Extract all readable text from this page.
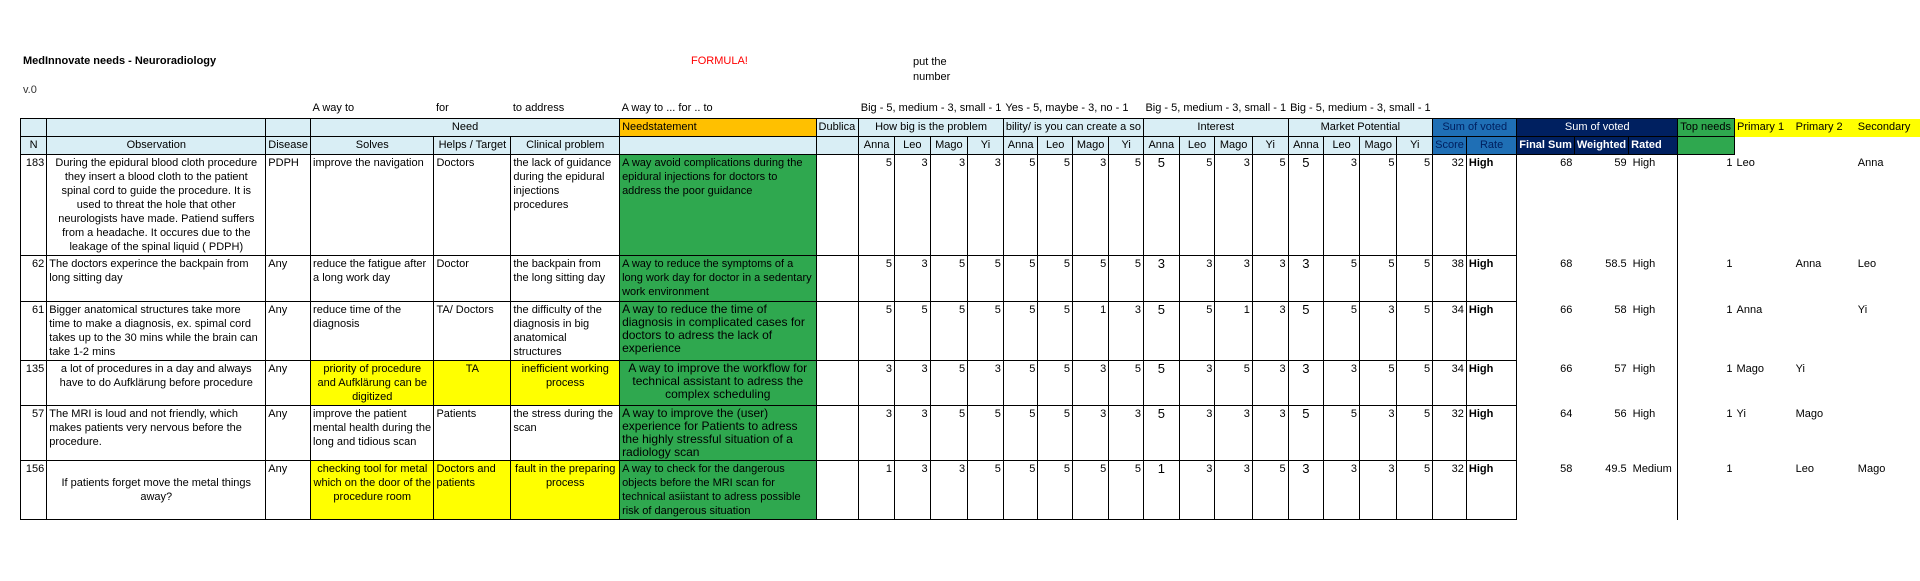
MedInnovate needs - Neuroradiology
v.0
FORMULA!	put the number
			A way to	for	to address	A way to ... for .. to		Big - 5, medium - 3, small - 1				Yes - 5, maybe - 3, no - 1				Big - 5, medium - 3, small - 1				Big - 5, medium - 3, small - 1												
			Need			Needstatement	Dublica	How big is the problem				bility/ is you can create a so				Interest				Market Potential				Sum of voted		Sum of voted			Top needs	Primary 1	Primary 2	Secondary
N	Observation	Disease	Solves	Helps / Target	Clinical problem			Anna	Leo	Mago	Yi	Anna	Leo	Mago	Yi	Anna	Leo	Mago	Yi	Anna	Leo	Mago	Yi	Score	Rate	Final Sum	Weighted	Rated				
183	During the epidural blood cloth procedure they insert a blood cloth to the patient spinal cord to guide the procedure. It is used to threat the hole that other neurologists have made. Patiend suffers from a headache. It occures due to the leakage of the spinal liquid ( PDPH)	PDPH	improve the navigation	Doctors	the lack of guidance during the epidural injections procedures	A way avoid complications during the epidural injections for doctors to address the poor guidance		5	3	3	3	5	5	3	5	5	5	3	5	5	3	5	5	32	High	68	59	High	1	Leo		Anna
62	The doctors experince the backpain from long sitting day	Any	reduce the fatigue after a long work day	Doctor	the backpain from the long sitting day	A way to reduce the symptoms of a long work day for doctor in a sedentary work environment		5	3	5	5	5	5	5	5	3	3	3	3	3	5	5	5	38	High	68	58.5	High	1		Anna	Leo
61	Bigger anatomical structures take more time to make a diagnosis, ex. spimal cord takes up to the 30 mins while the brain can take 1-2 mins	Any	reduce time of the diagnosis	TA/ Doctors	the difficulty of the diagnosis in big anatomical structures	A way to reduce the time of diagnosis in complicated cases for doctors to adress the lack of experience		5	5	5	5	5	5	1	3	5	5	1	3	5	5	3	5	34	High	66	58	High	1	Anna		Yi
135	a lot of procedures in a day and always have to do Aufklärung before procedure	Any	priority of procedure and Aufklärung can be digitized	TA	inefficient working process	A way to improve the workflow for technical assistant to adress the complex scheduling		3	3	5	3	5	5	3	5	5	3	5	3	3	3	5	5	34	High	66	57	High	1	Mago	Yi	
57	The MRI is loud and not friendly, which makes patients very nervous before the procedure.	Any	improve the patient mental health during the long and tidious scan	Patients	the stress during the scan	A way to improve the (user) experience for Patients to adress the highly stressful situation of a radiology scan		3	3	5	5	5	5	3	3	5	3	3	3	5	5	3	5	32	High	64	56	High	1	Yi	Mago	
156	If patients forget move the metal things away?	Any	checking tool for metal which on the door of the procedure room	Doctors and patients	fault in the preparing process	A way to check for the dangerous objects before the MRI scan for technical asiistant to adress possible risk of dangerous situation		1	3	3	5	5	5	5	5	1	3	3	5	3	3	3	5	32	High	58	49.5	Medium	1		Leo	Mago
